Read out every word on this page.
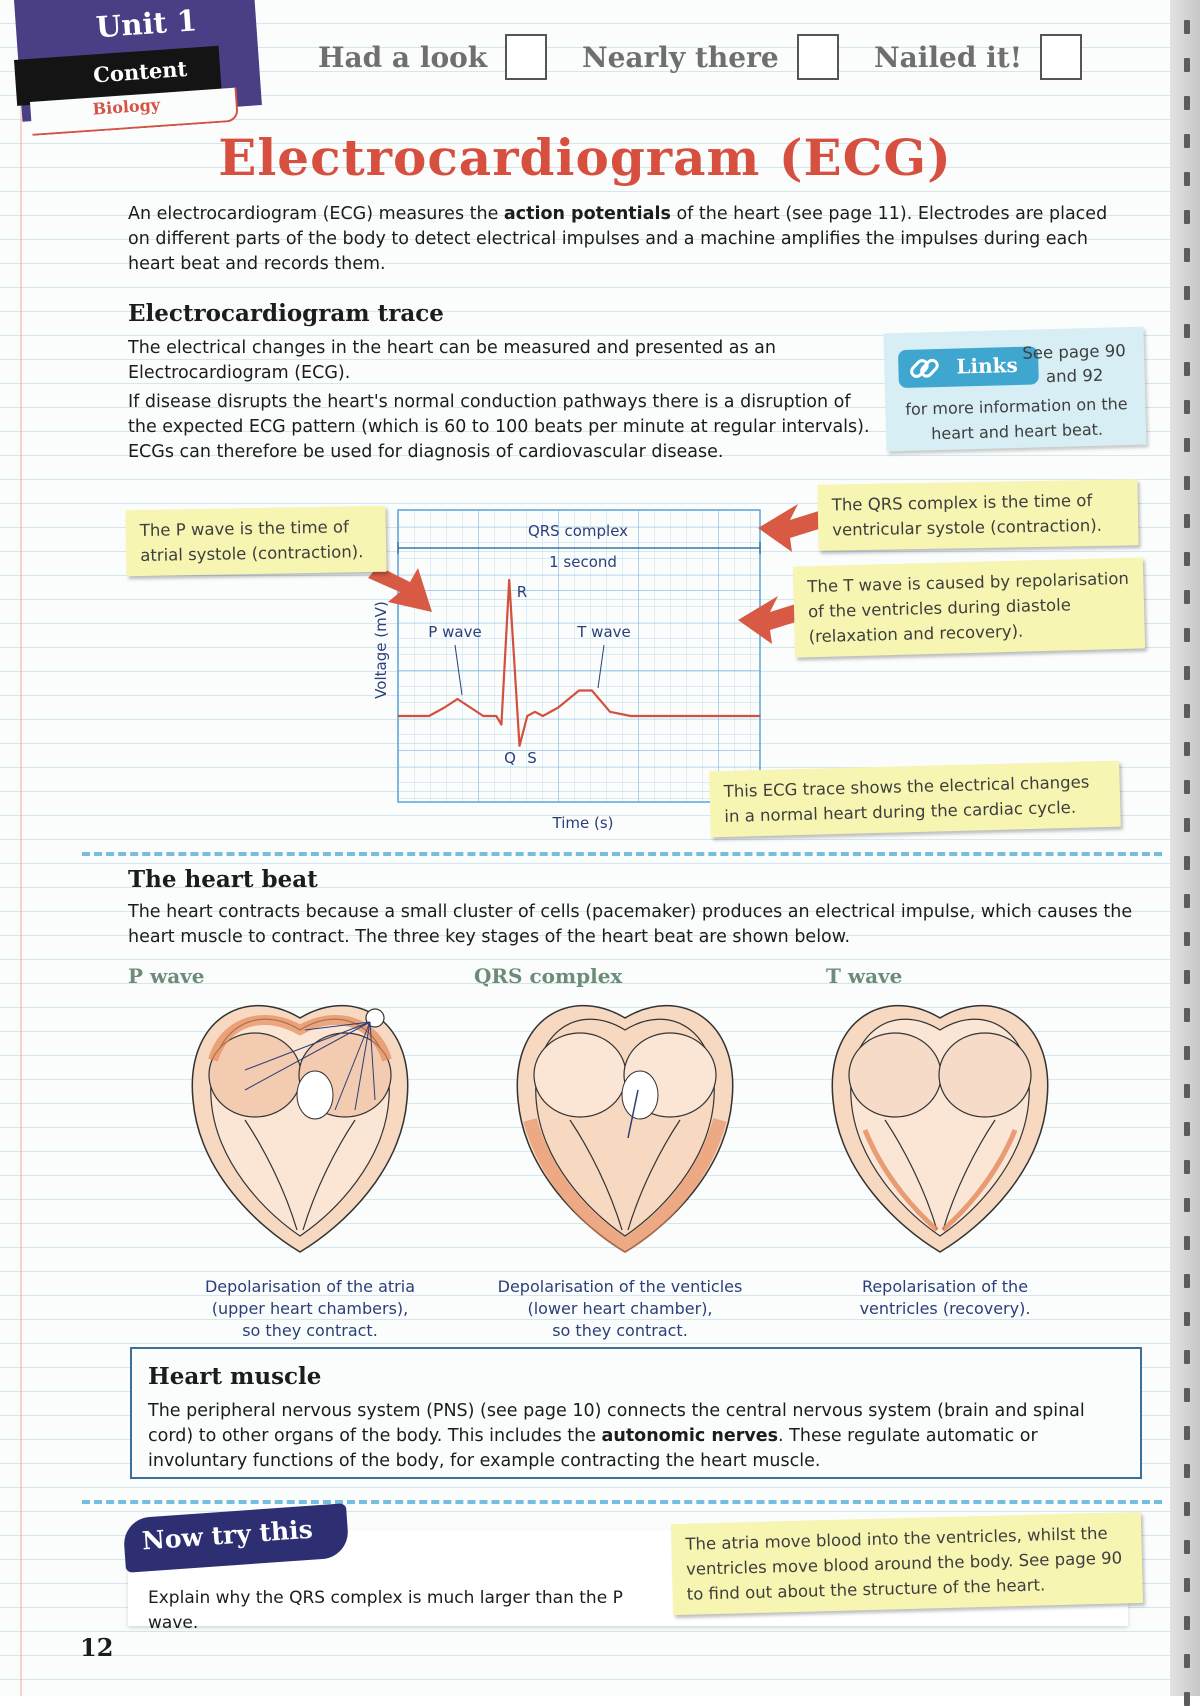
Unit 1
Content
Biology
Had a look	Nearly there	Nailed it!
Electrocardiogram (ECG)
An electrocardiogram (ECG) measures the action potentials of the heart (see page 11). Electrodes are placed on different parts of the body to detect electrical impulses and a machine amplifies the impulses during each heart beat and records them.
Electrocardiogram trace
The electrical changes in the heart can be measured and presented as an Electrocardiogram (ECG).
If disease disrupts the heart's normal conduction pathways there is a disruption of the expected ECG pattern (which is 60 to 100 beats per minute at regular intervals). ECGs can therefore be used for diagnosis of cardiovascular disease.
Links
See page 90 and 92
for more information on the heart and heart beat.
QRS complex
1 second
P wave	T wave
R
Q S
Voltage (mV)
Time (s)
The P wave is the time of atrial systole (contraction).
The QRS complex is the time of ventricular systole (contraction).
The T wave is caused by repolarisation of the ventricles during diastole (relaxation and recovery).
This ECG trace shows the electrical changes in a normal heart during the cardiac cycle.
The heart beat
The heart contracts because a small cluster of cells (pacemaker) produces an electrical impulse, which causes the heart muscle to contract. The three key stages of the heart beat are shown below.
P wave	QRS complex	T wave
Depolarisation of the atria
(upper heart chambers),
so they contract.
Depolarisation of the venticles
(lower heart chamber),
so they contract.
Repolarisation of the
ventricles (recovery).
Heart muscle
The peripheral nervous system (PNS) (see page 10) connects the central nervous system (brain and spinal cord) to other organs of the body. This includes the autonomic nerves. These regulate automatic or involuntary functions of the body, for example contracting the heart muscle.
Now try this
Explain why the QRS complex is much larger than the P wave.
The atria move blood into the ventricles, whilst the ventricles move blood around the body. See page 90 to find out about the structure of the heart.
12
